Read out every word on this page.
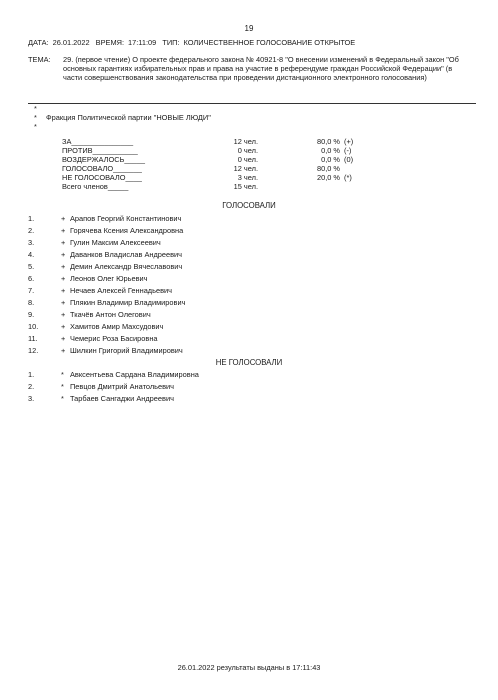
19
ДАТА: 26.01.2022 ВРЕМЯ: 17:11:09 ТИП: КОЛИЧЕСТВЕННОЕ ГОЛОСОВАНИЕ ОТКРЫТОЕ
ТЕМА: 29. (первое чтение) О проекте федерального закона № 40921-8 "О внесении изменений в Федеральный закон "Об основных гарантиях избирательных прав и права на участие в референдуме граждан Российской Федерации" (в части совершенствования законодательства при проведении дистанционного электронного голосования)
*
* Фракция Политической партии "НОВЫЕ ЛЮДИ"
*
ЗА_______________	12 чел.	80,0 % (+)
ПРОТИВ___________	0 чел.	0,0 % (-)
ВОЗДЕРЖАЛОСЬ_____	0 чел.	0,0 % (0)
ГОЛОСОВАЛО_______	12 чел.	80,0 %
НЕ ГОЛОСОВАЛО____	3 чел.	20,0 % (*)
Всего членов_____	15 чел.
ГОЛОСОВАЛИ
1.	+ Арапов Георгий Константинович
2.	+ Горячева Ксения Александровна
3.	+ Гулин Максим Алексеевич
4.	+ Даванков Владислав Андреевич
5.	+ Демин Александр Вячеславович
6.	+ Леонов Олег Юрьевич
7.	+ Нечаев Алексей Геннадьевич
8.	+ Плякин Владимир Владимирович
9.	+ Ткачёв Антон Олегович
10.	+ Хамитов Амир Махсудович
11.	+ Чемерис Роза Басировна
12.	+ Шилкин Григорий Владимирович
НЕ ГОЛОСОВАЛИ
1.	* Авксентьева Сардана Владимировна
2.	* Певцов Дмитрий Анатольевич
3.	* Тарбаев Сангаджи Андреевич
26.01.2022 результаты выданы в 17:11:43
